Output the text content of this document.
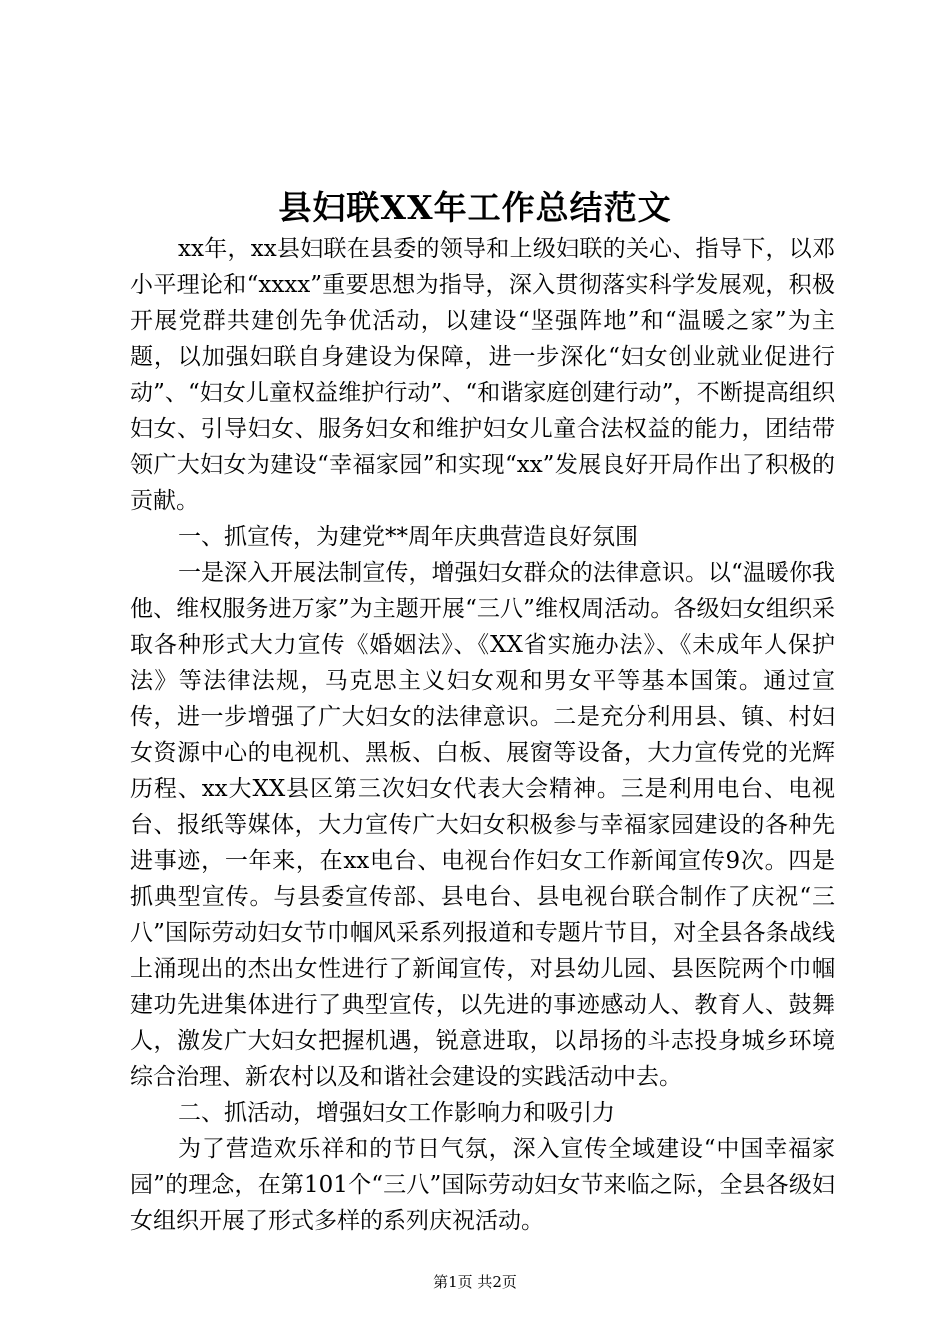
县妇联XX年工作总结范文

xx年，xx县妇联在县委的领导和上级妇联的关心、指导下，以邓小平理论和“xxxx”重要思想为指导，深入贯彻落实科学发展观，积极开展党群共建创先争优活动，以建设“坚强阵地”和“温暖之家”为主题，以加强妇联自身建设为保障，进一步深化“妇女创业就业促进行动”、“妇女儿童权益维护行动”、“和谐家庭创建行动”，不断提高组织妇女、引导妇女、服务妇女和维护妇女儿童合法权益的能力，团结带领广大妇女为建设“幸福家园”和实现“xx”发展良好开局作出了积极的贡献。

一、抓宣传，为建党**周年庆典营造良好氛围

一是深入开展法制宣传，增强妇女群众的法律意识。以“温暖你我他、维权服务进万家”为主题开展“三八”维权周活动。各级妇女组织采取各种形式大力宣传《婚姻法》、《XX省实施办法》、《未成年人保护法》等法律法规，马克思主义妇女观和男女平等基本国策。通过宣传，进一步增强了广大妇女的法律意识。二是充分利用县、镇、村妇女资源中心的电视机、黑板、白板、展窗等设备，大力宣传党的光辉历程、xx大XX县区第三次妇女代表大会精神。三是利用电台、电视台、报纸等媒体，大力宣传广大妇女积极参与幸福家园建设的各种先进事迹，一年来，在xx电台、电视台作妇女工作新闻宣传9次。四是抓典型宣传。与县委宣传部、县电台、县电视台联合制作了庆祝“三八”国际劳动妇女节巾帼风采系列报道和专题片节目，对全县各条战线上涌现出的杰出女性进行了新闻宣传，对县幼儿园、县医院两个巾帼建功先进集体进行了典型宣传，以先进的事迹感动人、教育人、鼓舞人，激发广大妇女把握机遇，锐意进取，以昂扬的斗志投身城乡环境综合治理、新农村以及和谐社会建设的实践活动中去。

二、抓活动，增强妇女工作影响力和吸引力

为了营造欢乐祥和的节日气氛，深入宣传全域建设“中国幸福家园”的理念，在第101个“三八”国际劳动妇女节来临之际，全县各级妇女组织开展了形式多样的系列庆祝活动。

第1页 共2页
